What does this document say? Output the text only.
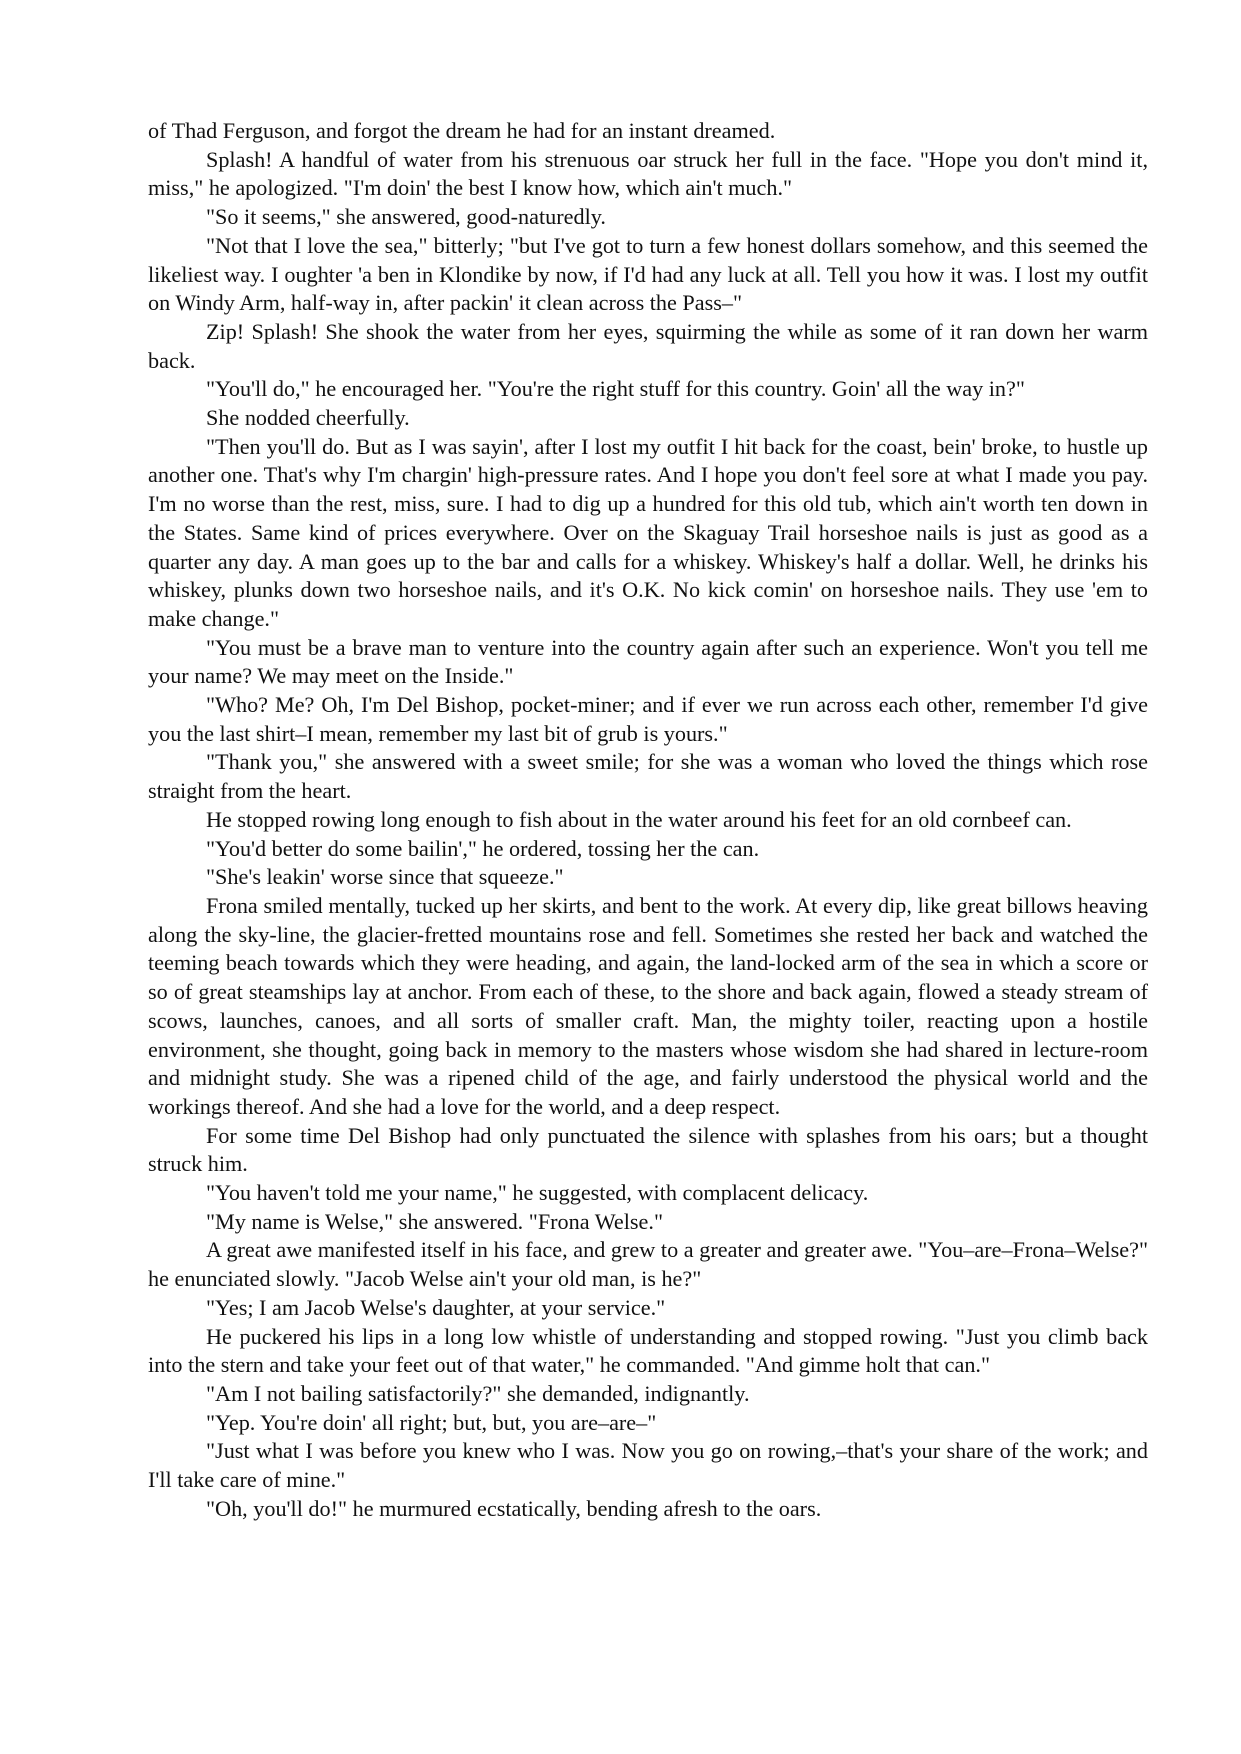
of Thad Ferguson, and forgot the dream he had for an instant dreamed.

Splash! A handful of water from his strenuous oar struck her full in the face. "Hope you don't mind it, miss," he apologized. "I'm doin' the best I know how, which ain't much."

"So it seems," she answered, good-naturedly.

"Not that I love the sea," bitterly; "but I've got to turn a few honest dollars somehow, and this seemed the likeliest way. I oughter 'a ben in Klondike by now, if I'd had any luck at all. Tell you how it was. I lost my outfit on Windy Arm, half-way in, after packin' it clean across the Pass–"

Zip! Splash! She shook the water from her eyes, squirming the while as some of it ran down her warm back.

"You'll do," he encouraged her. "You're the right stuff for this country. Goin' all the way in?"

She nodded cheerfully.

"Then you'll do. But as I was sayin', after I lost my outfit I hit back for the coast, bein' broke, to hustle up another one. That's why I'm chargin' high-pressure rates. And I hope you don't feel sore at what I made you pay. I'm no worse than the rest, miss, sure. I had to dig up a hundred for this old tub, which ain't worth ten down in the States. Same kind of prices everywhere. Over on the Skaguay Trail horseshoe nails is just as good as a quarter any day. A man goes up to the bar and calls for a whiskey. Whiskey's half a dollar. Well, he drinks his whiskey, plunks down two horseshoe nails, and it's O.K. No kick comin' on horseshoe nails. They use 'em to make change."

"You must be a brave man to venture into the country again after such an experience. Won't you tell me your name? We may meet on the Inside."

"Who? Me? Oh, I'm Del Bishop, pocket-miner; and if ever we run across each other, remember I'd give you the last shirt–I mean, remember my last bit of grub is yours."

"Thank you," she answered with a sweet smile; for she was a woman who loved the things which rose straight from the heart.

He stopped rowing long enough to fish about in the water around his feet for an old cornbeef can.

"You'd better do some bailin'," he ordered, tossing her the can.

"She's leakin' worse since that squeeze."

Frona smiled mentally, tucked up her skirts, and bent to the work. At every dip, like great billows heaving along the sky-line, the glacier-fretted mountains rose and fell. Sometimes she rested her back and watched the teeming beach towards which they were heading, and again, the land-locked arm of the sea in which a score or so of great steamships lay at anchor. From each of these, to the shore and back again, flowed a steady stream of scows, launches, canoes, and all sorts of smaller craft. Man, the mighty toiler, reacting upon a hostile environment, she thought, going back in memory to the masters whose wisdom she had shared in lecture-room and midnight study. She was a ripened child of the age, and fairly understood the physical world and the workings thereof. And she had a love for the world, and a deep respect.

For some time Del Bishop had only punctuated the silence with splashes from his oars; but a thought struck him.

"You haven't told me your name," he suggested, with complacent delicacy.

"My name is Welse," she answered. "Frona Welse."

A great awe manifested itself in his face, and grew to a greater and greater awe. "You–are–Frona–Welse?" he enunciated slowly. "Jacob Welse ain't your old man, is he?"

"Yes; I am Jacob Welse's daughter, at your service."

He puckered his lips in a long low whistle of understanding and stopped rowing. "Just you climb back into the stern and take your feet out of that water," he commanded. "And gimme holt that can."

"Am I not bailing satisfactorily?" she demanded, indignantly.

"Yep. You're doin' all right; but, but, you are–are–"

"Just what I was before you knew who I was. Now you go on rowing,–that's your share of the work; and I'll take care of mine."

"Oh, you'll do!" he murmured ecstatically, bending afresh to the oars.
